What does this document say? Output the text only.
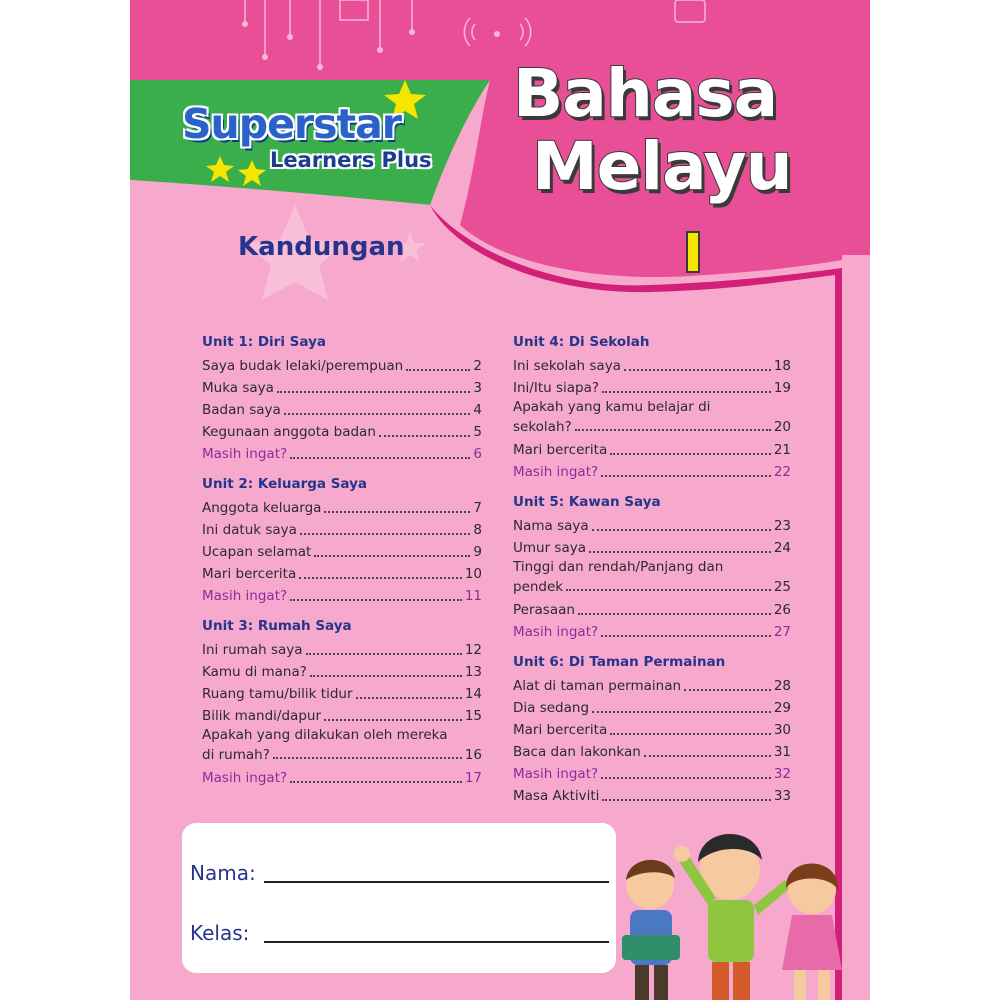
Superstar
Learners Plus
Bahasa
Melayu
Kandungan
Unit 1: Diri Saya
Saya budak lelaki/perempuan	2
Muka saya	3
Badan saya	4
Kegunaan anggota badan	5
Masih ingat?	6
Unit 2: Keluarga Saya
Anggota keluarga	7
Ini datuk saya	8
Ucapan selamat	9
Mari bercerita	10
Masih ingat?	11
Unit 3: Rumah Saya
Ini rumah saya	12
Kamu di mana?	13
Ruang tamu/bilik tidur	14
Bilik mandi/dapur	15
Apakah yang dilakukan oleh mereka
di rumah?	16
Masih ingat?	17
Unit 4: Di Sekolah
Ini sekolah saya	18
Ini/Itu siapa?	19
Apakah yang kamu belajar di
sekolah?	20
Mari bercerita	21
Masih ingat?	22
Unit 5: Kawan Saya
Nama saya	23
Umur saya	24
Tinggi dan rendah/Panjang dan
pendek	25
Perasaan	26
Masih ingat?	27
Unit 6: Di Taman Permainan
Alat di taman permainan	28
Dia sedang	29
Mari bercerita	30
Baca dan lakonkan	31
Masih ingat?	32
Masa Aktiviti	33
Nama:
Kelas:
